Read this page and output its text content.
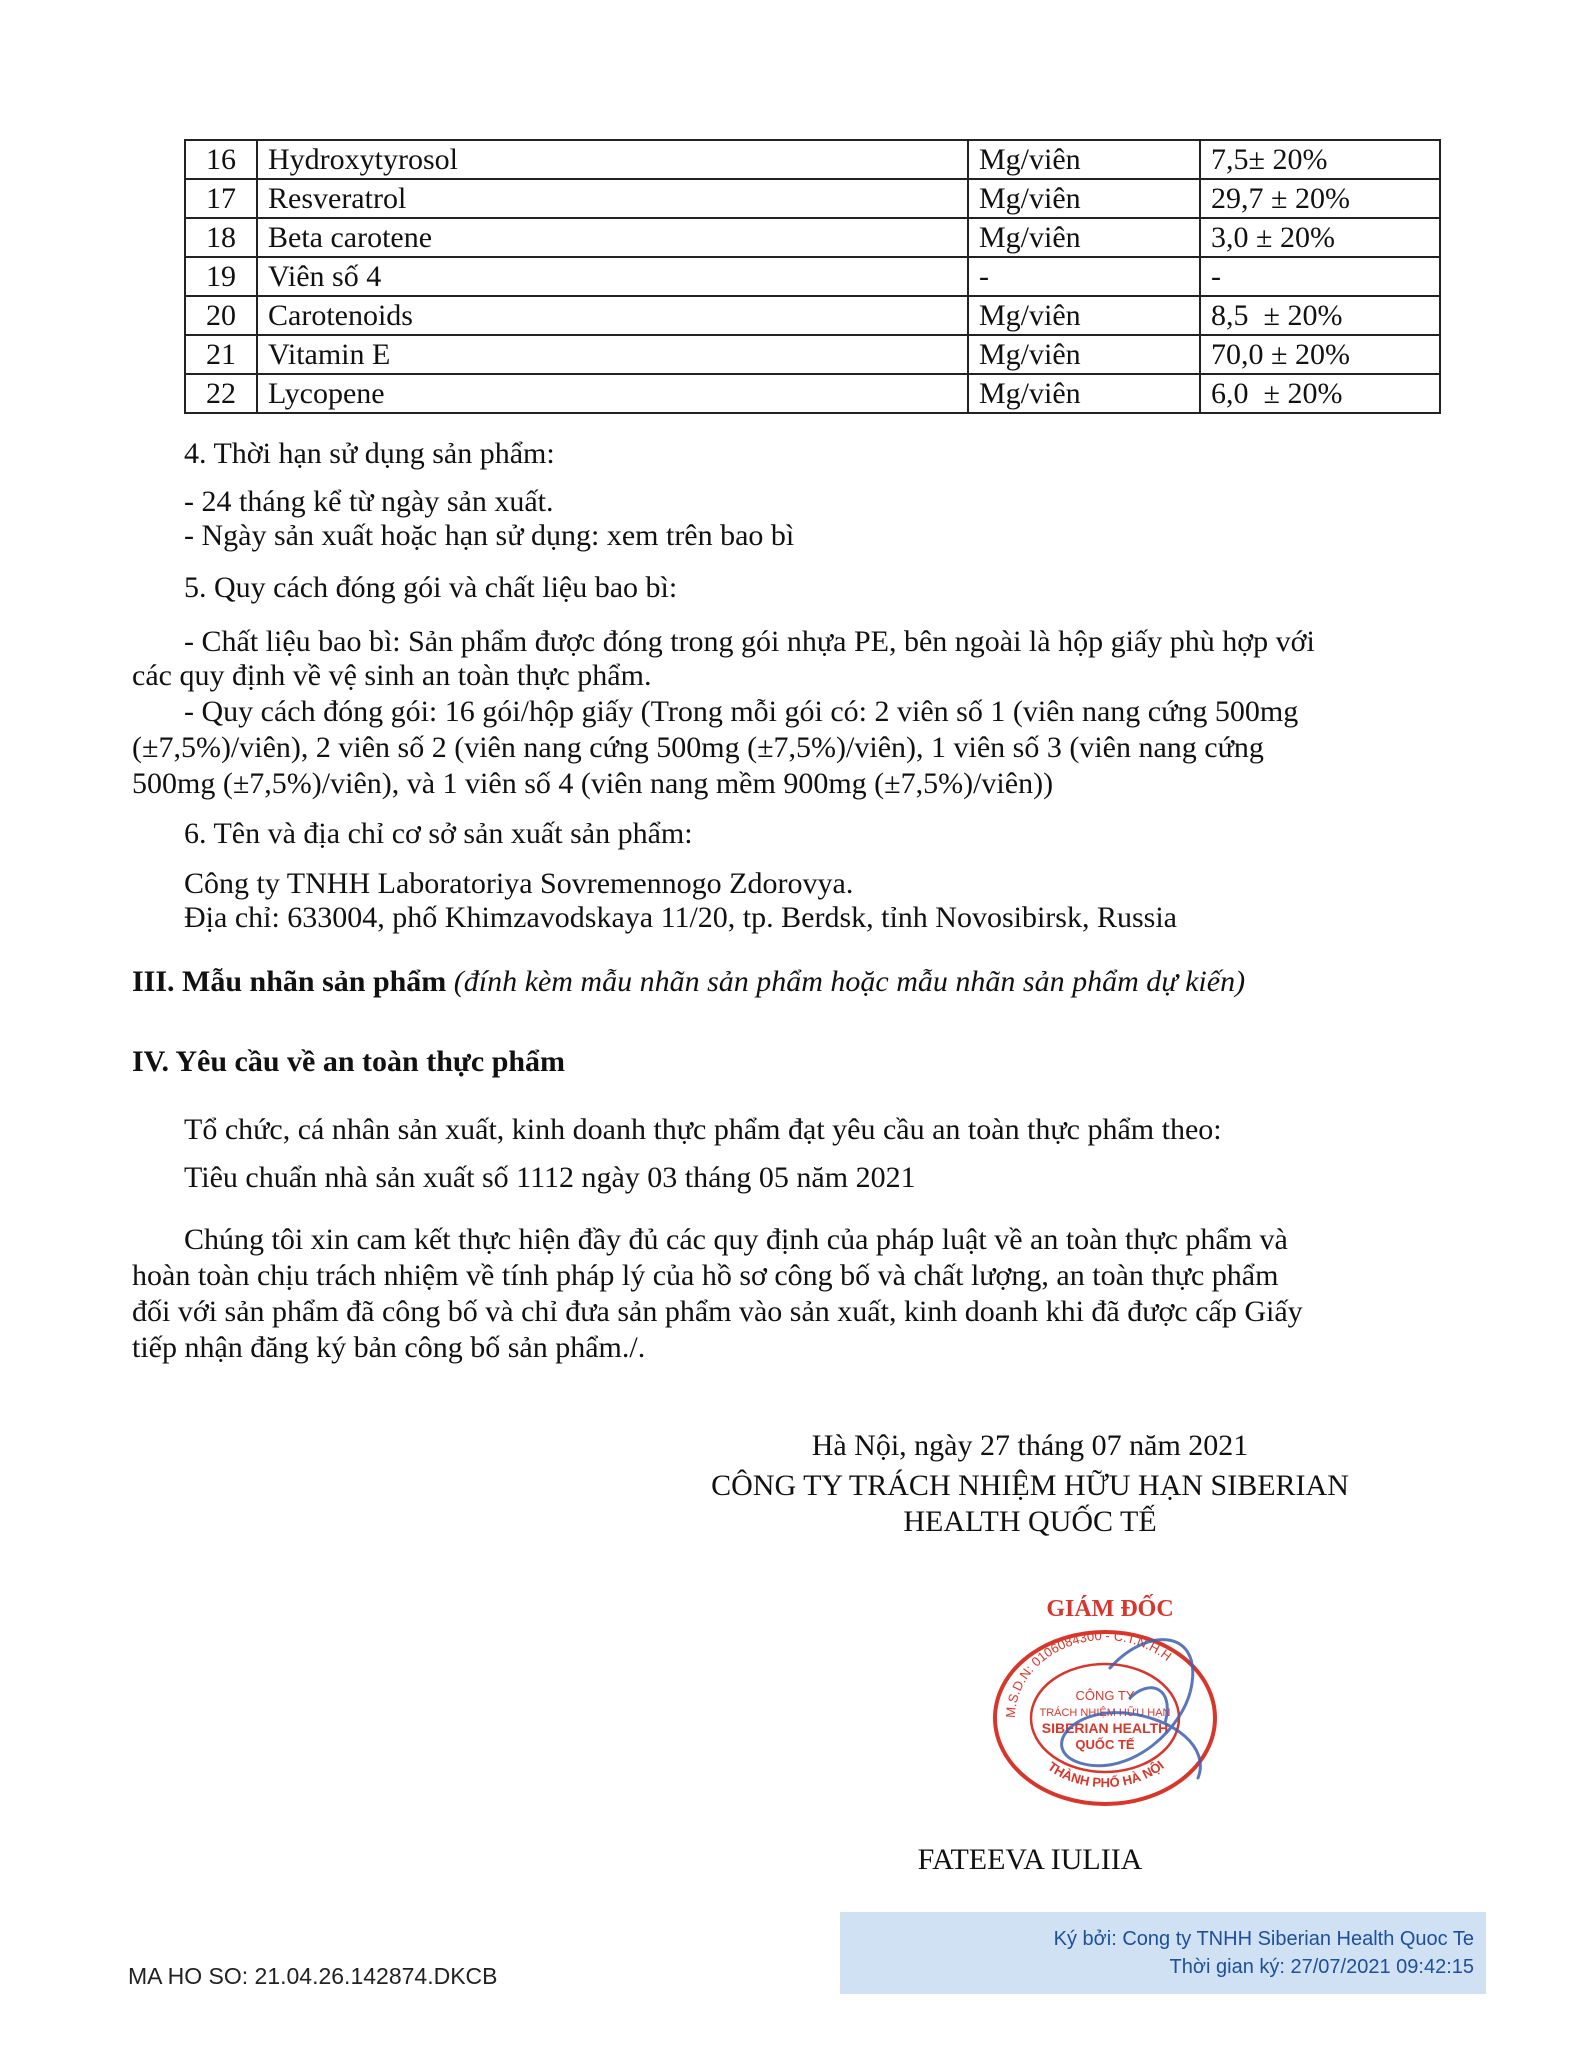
16	Hydroxytyrosol	Mg/viên	7,5± 20%
17	Resveratrol	Mg/viên	29,7 ± 20%
18	Beta carotene	Mg/viên	3,0 ± 20%
19	Viên số 4	-	-
20	Carotenoids	Mg/viên	8,5  ± 20%
21	Vitamin E	Mg/viên	70,0 ± 20%
22	Lycopene	Mg/viên	6,0  ± 20%
4. Thời hạn sử dụng sản phẩm:
- 24 tháng kể từ ngày sản xuất.
- Ngày sản xuất hoặc hạn sử dụng: xem trên bao bì
5. Quy cách đóng gói và chất liệu bao bì:
- Chất liệu bao bì: Sản phẩm được đóng trong gói nhựa PE, bên ngoài là hộp giấy phù hợp với
các quy định về vệ sinh an toàn thực phẩm.
- Quy cách đóng gói: 16 gói/hộp giấy (Trong mỗi gói có: 2 viên số 1 (viên nang cứng 500mg
(±7,5%)/viên), 2 viên số 2 (viên nang cứng 500mg (±7,5%)/viên), 1 viên số 3 (viên nang cứng
500mg (±7,5%)/viên), và 1 viên số 4 (viên nang mềm 900mg (±7,5%)/viên))
6. Tên và địa chỉ cơ sở sản xuất sản phẩm:
Công ty TNHH Laboratoriya Sovremennogo Zdorovya.
Địa chỉ: 633004, phố Khimzavodskaya 11/20, tp. Berdsk, tỉnh Novosibirsk, Russia
III. Mẫu nhãn sản phẩm (đính kèm mẫu nhãn sản phẩm hoặc mẫu nhãn sản phẩm dự kiến)
IV. Yêu cầu về an toàn thực phẩm
Tổ chức, cá nhân sản xuất, kinh doanh thực phẩm đạt yêu cầu an toàn thực phẩm theo:
Tiêu chuẩn nhà sản xuất số 1112 ngày 03 tháng 05 năm 2021
Chúng tôi xin cam kết thực hiện đầy đủ các quy định của pháp luật về an toàn thực phẩm và
hoàn toàn chịu trách nhiệm về tính pháp lý của hồ sơ công bố và chất lượng, an toàn thực phẩm
đối với sản phẩm đã công bố và chỉ đưa sản phẩm vào sản xuất, kinh doanh khi đã được cấp Giấy
tiếp nhận đăng ký bản công bố sản phẩm./.
Hà Nội, ngày 27 tháng 07 năm 2021
CÔNG TY TRÁCH NHIỆM HỮU HẠN SIBERIAN
HEALTH QUỐC TẾ
GIÁM ĐỐC
M.S.D.N: 0106084300 - C.T.N.H.H
THÀNH PHỐ HÀ NỘI
CÔNG TY
TRÁCH NHIỆM HỮU HẠN
SIBERIAN HEALTH
QUỐC TẾ
FATEEVA IULIIA
Ký bởi: Cong ty TNHH Siberian Health Quoc Te
Thời gian ký: 27/07/2021 09:42:15
MA HO SO: 21.04.26.142874.DKCB
